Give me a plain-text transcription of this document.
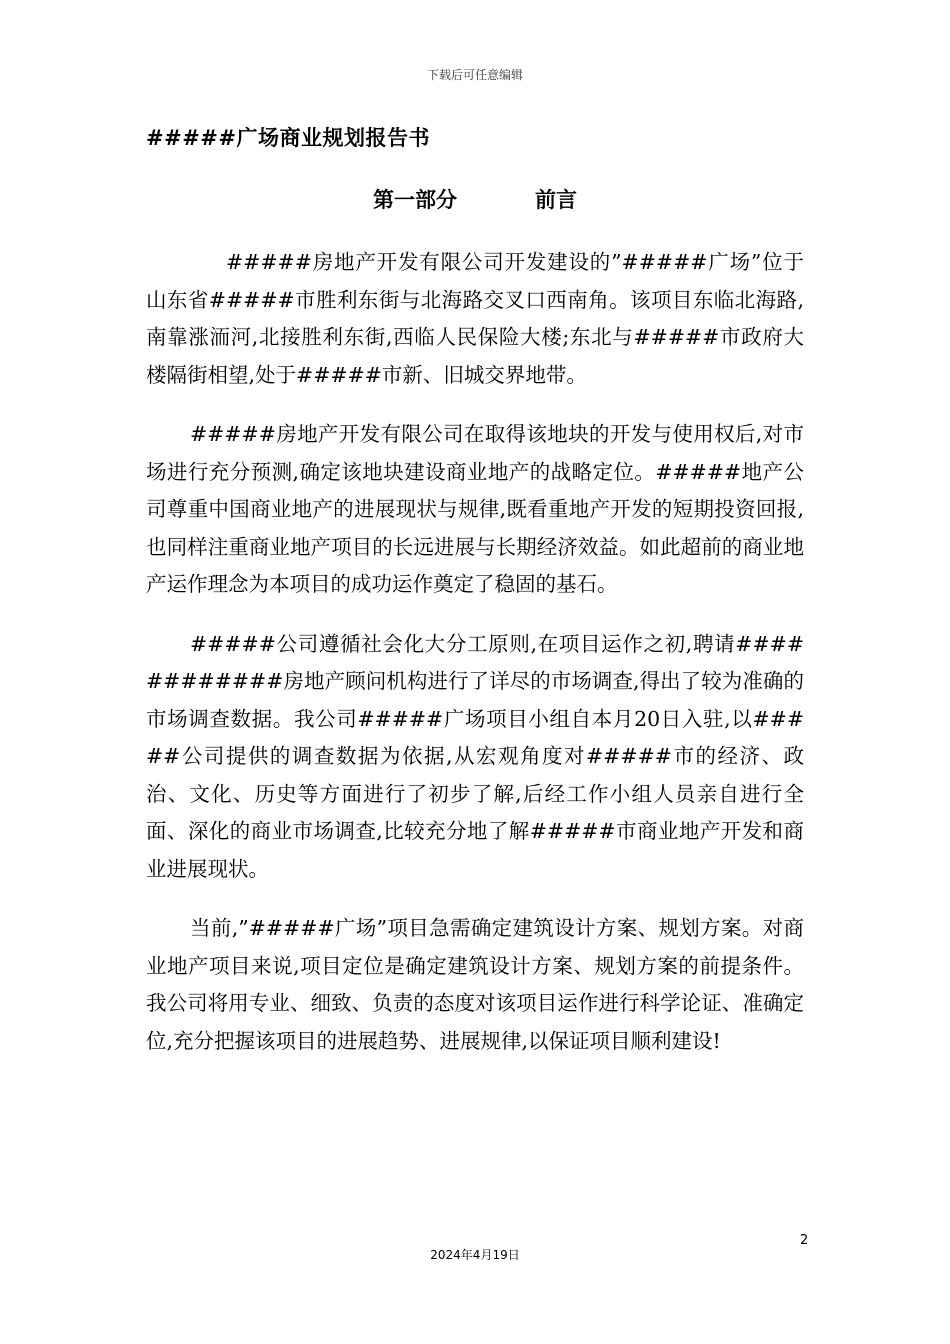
下载后可任意编辑
#####广场商业规划报告书
第一部分	前言

#####房地产开发有限公司开发建设的”#####广场”位于山东省#####市胜利东街与北海路交叉口西南角。该项目东临北海路,南靠涨洏河,北接胜利东街,西临人民保险大楼;东北与#####市政府大楼隔街相望,处于#####市新、旧城交界地带。

#####房地产开发有限公司在取得该地块的开发与使用权后,对市场进行充分预测,确定该地块建设商业地产的战略定位。#####地产公司尊重中国商业地产的进展现状与规律,既看重地产开发的短期投资回报,也同样注重商业地产项目的长远进展与长期经济效益。如此超前的商业地产运作理念为本项目的成功运作奠定了稳固的基石。

#####公司遵循社会化大分工原则,在项目运作之初,聘请############房地产顾问机构进行了详尽的市场调查,得出了较为准确的市场调查数据。我公司#####广场项目小组自本月20日入驻,以#####公司提供的调查数据为依据,从宏观角度对#####市的经济、政治、文化、历史等方面进行了初步了解,后经工作小组人员亲自进行全面、深化的商业市场调查,比较充分地了解#####市商业地产开发和商业进展现状。

当前,”#####广场”项目急需确定建筑设计方案、规划方案。对商业地产项目来说,项目定位是确定建筑设计方案、规划方案的前提条件。我公司将用专业、细致、负责的态度对该项目运作进行科学论证、准确定位,充分把握该项目的进展趋势、进展规律,以保证项目顺利建设!

2
2024年4月19日
